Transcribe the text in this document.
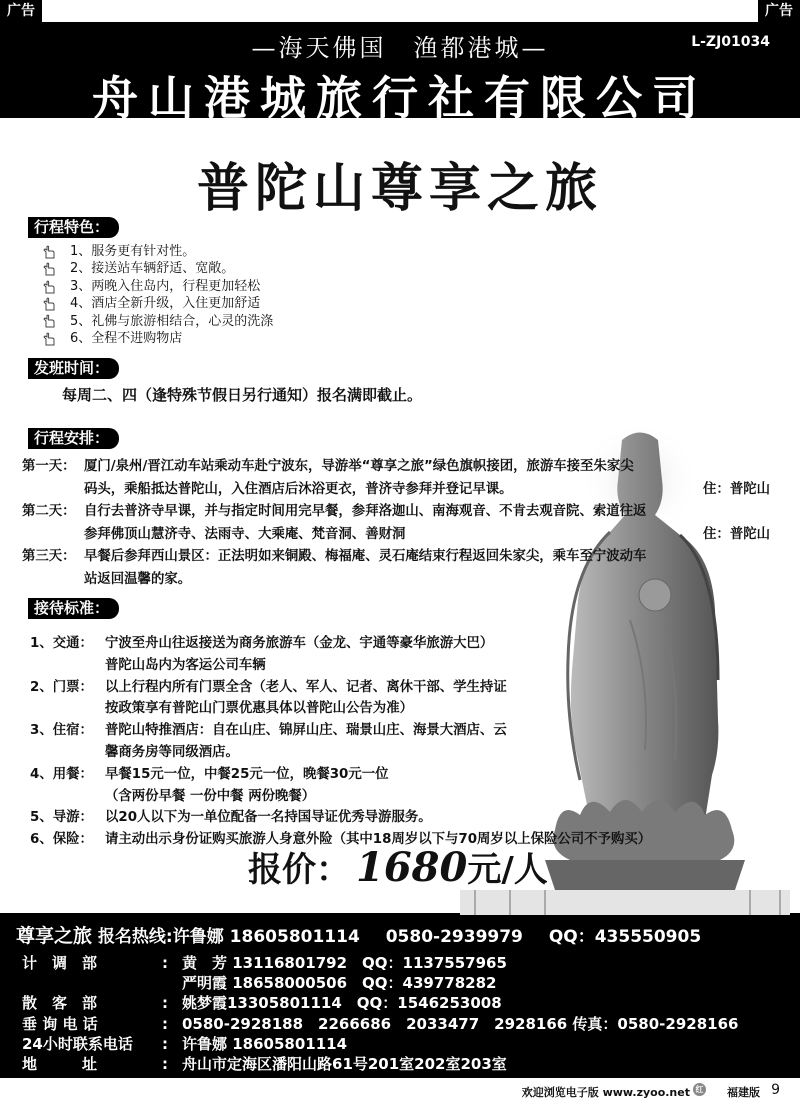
广告	广告
—海天佛国　渔都港城—	L-ZJ01034
舟山港城旅行社有限公司
普陀山尊享之旅
行程特色：
1、服务更有针对性。
2、接送站车辆舒适、宽敞。
3、两晚入住岛内，行程更加轻松
4、酒店全新升级，入住更加舒适
5、礼佛与旅游相结合，心灵的洗涤
6、全程不进购物店
发班时间：
每周二、四（逢特殊节假日另行通知）报名满即截止。
行程安排：
第一天： 厦门/泉州/晋江动车站乘动车赴宁波东，导游举“尊享之旅”绿色旗帜接团，旅游车接至朱家尖
码头，乘船抵达普陀山，入住酒店后沐浴更衣，普济寺参拜并登记早课。	住：普陀山
第二天： 自行去普济寺早课，并与指定时间用完早餐，参拜洛迦山、南海观音、不肯去观音院、索道往返
参拜佛顶山慧济寺、法雨寺、大乘庵、梵音洞、善财洞	住：普陀山
第三天： 早餐后参拜西山景区：正法明如来铜殿、梅福庵、灵石庵结束行程返回朱家尖，乘车至宁波动车
站返回温馨的家。
接待标准：
1、交通： 宁波至舟山往返接送为商务旅游车（金龙、宇通等豪华旅游大巴）
普陀山岛内为客运公司车辆
2、门票： 以上行程内所有门票全含（老人、军人、记者、离休干部、学生持证
按政策享有普陀山门票优惠具体以普陀山公告为准）
3、住宿： 普陀山特推酒店：自在山庄、锦屏山庄、瑞景山庄、海景大酒店、云
馨商务房等同级酒店。
4、用餐： 早餐15元一位，中餐25元一位，晚餐30元一位
（含两份早餐 一份中餐 两份晚餐）
5、导游： 以20人以下为一单位配备一名持国导证优秀导游服务。
6、保险： 请主动出示身份证购买旅游人身意外险（其中18周岁以下与70周岁以上保险公司不予购买）
报价： 1680 元/人
尊享之旅 报名热线:许鲁娜 18605801114 0580-2939979 QQ：435550905
计　调　部	: 黄　芳 13116801792　QQ：1137557965
严明霞 18658000506　QQ：439778282
散　客　部	: 姚梦霞13305801114　QQ：1546253008
垂 询 电 话	: 0580-2928188　2266686　2033477　2928166 传真：0580-2928166
24小时联系电话	: 许鲁娜 18605801114
地　　　址	: 舟山市定海区潘阳山路61号201室202室203室
欢迎浏览电子版 www.zyoo.net 红 福建版 9
